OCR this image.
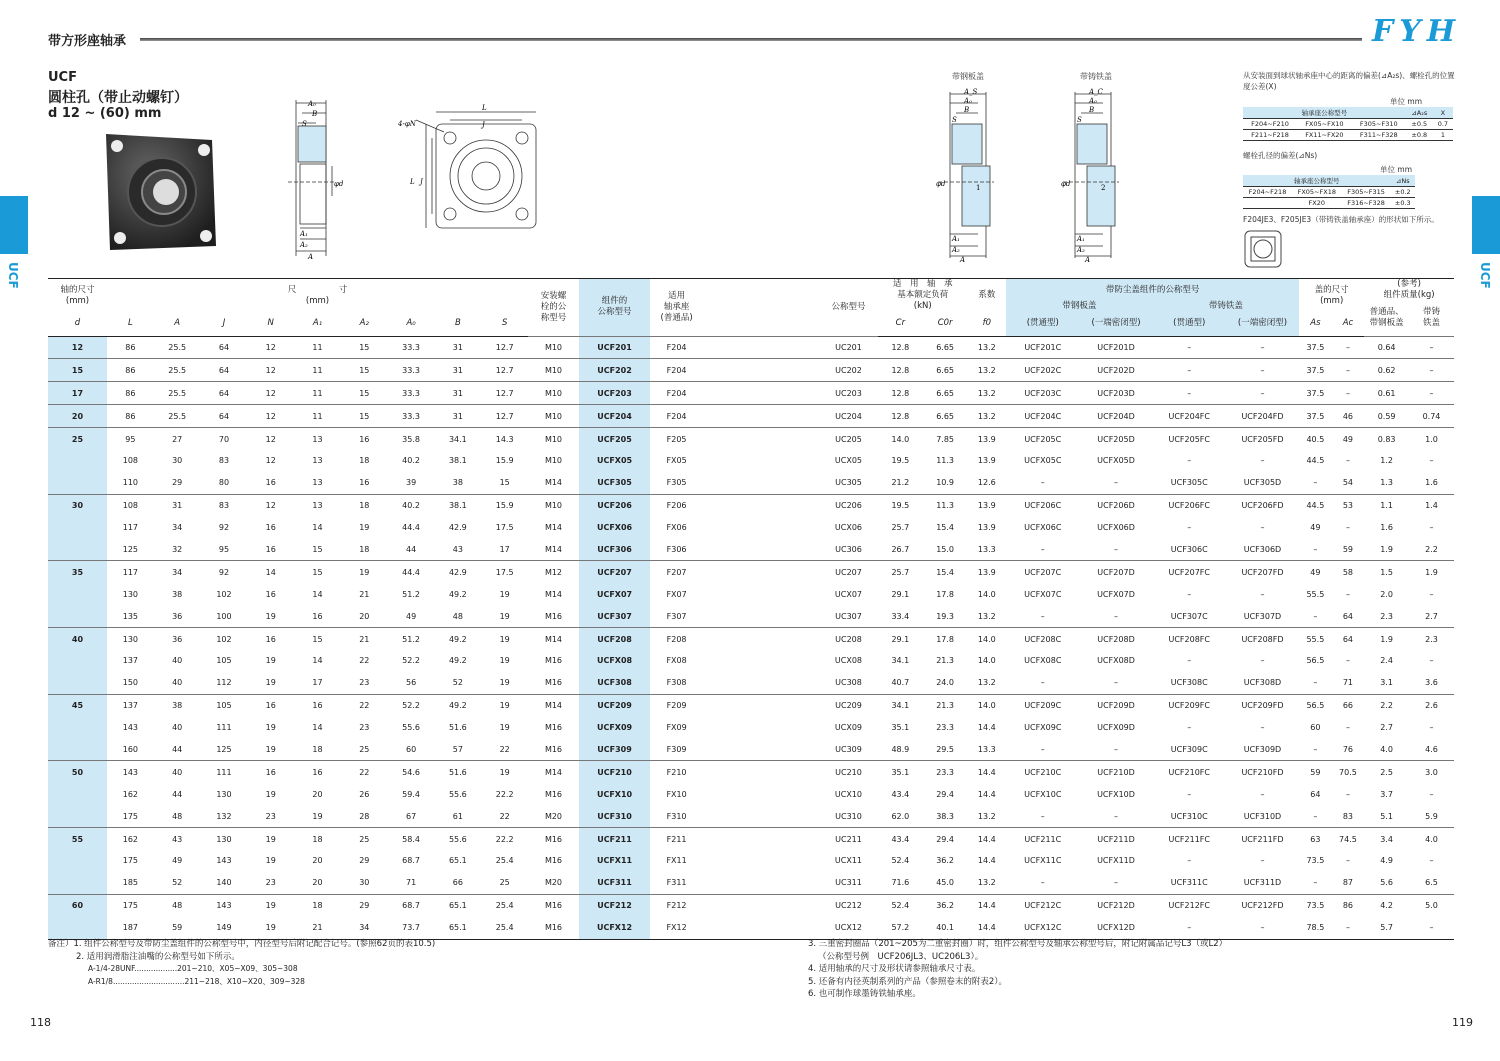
带方形座轴承	FYH
UCF	UCF
UCF
圆柱孔（带止动螺钉）
d 12 ~ (60) mm
A₀
B
S
φd
A₁
A₂
A
L
J
L J
4-φN
带钢板盖	带铸铁盖
A_S
A₀
B
S
φd	1
A₁
A₂
A
A_C
A₀
B
S
φd	2
A₁
A₂
A
从安装面到球状轴承座中心的距离的偏差(⊿A₂s)、螺栓孔的位置度公差(X)
单位 mm
轴承座公称型号			⊿A₂s	X
F204~F210	FX05~FX10	F305~F310	±0.5	0.7
F211~F218	FX11~FX20	F311~F328	±0.8	1
螺栓孔径的偏差(⊿Ns)
单位 mm
轴承座公称型号			⊿Ns
F204~F218	FX05~FX18	F305~F315	±0.2
	FX20	F316~F328	±0.3
F204JE3、F205JE3（带铸铁盖轴承座）的形状如下所示。
轴的尺寸
(mm)	尺　　　　　寸
(mm)									安装螺
栓的公
称型号	组件的
公称型号	适用
轴承座
(普通品)		公称型号	适　用　轴　承
基本额定负荷
(kN)		系数	带防尘盖组件的公称型号				盖的尺寸
(mm)		(参考)
组件质量(kg)	
																		带钢板盖		带铸铁盖				普通品、
带钢板盖	带铸
铁盖
d	L	A	J	N	A₁	A₂	A₀	B	S						Cr	C0r	f0	(贯通型)	(一端密闭型)	(贯通型)	(一端密闭型)	As	Ac		
12	86	25.5	64	12	11	15	33.3	31	12.7	M10	UCF201	F204		UC201	12.8	6.65	13.2	UCF201C	UCF201D	–	–	37.5	–	0.64	–
15	86	25.5	64	12	11	15	33.3	31	12.7	M10	UCF202	F204		UC202	12.8	6.65	13.2	UCF202C	UCF202D	–	–	37.5	–	0.62	–
17	86	25.5	64	12	11	15	33.3	31	12.7	M10	UCF203	F204		UC203	12.8	6.65	13.2	UCF203C	UCF203D	–	–	37.5	–	0.61	–
20	86	25.5	64	12	11	15	33.3	31	12.7	M10	UCF204	F204		UC204	12.8	6.65	13.2	UCF204C	UCF204D	UCF204FC	UCF204FD	37.5	46	0.59	0.74
25	95	27	70	12	13	16	35.8	34.1	14.3	M10	UCF205	F205		UC205	14.0	7.85	13.9	UCF205C	UCF205D	UCF205FC	UCF205FD	40.5	49	0.83	1.0
	108	30	83	12	13	18	40.2	38.1	15.9	M10	UCFX05	FX05		UCX05	19.5	11.3	13.9	UCFX05C	UCFX05D	–	–	44.5	–	1.2	–
	110	29	80	16	13	16	39	38	15	M14	UCF305	F305		UC305	21.2	10.9	12.6	–	–	UCF305C	UCF305D	–	54	1.3	1.6
30	108	31	83	12	13	18	40.2	38.1	15.9	M10	UCF206	F206		UC206	19.5	11.3	13.9	UCF206C	UCF206D	UCF206FC	UCF206FD	44.5	53	1.1	1.4
	117	34	92	16	14	19	44.4	42.9	17.5	M14	UCFX06	FX06		UCX06	25.7	15.4	13.9	UCFX06C	UCFX06D	–	–	49	–	1.6	–
	125	32	95	16	15	18	44	43	17	M14	UCF306	F306		UC306	26.7	15.0	13.3	–	–	UCF306C	UCF306D	–	59	1.9	2.2
35	117	34	92	14	15	19	44.4	42.9	17.5	M12	UCF207	F207		UC207	25.7	15.4	13.9	UCF207C	UCF207D	UCF207FC	UCF207FD	49	58	1.5	1.9
	130	38	102	16	14	21	51.2	49.2	19	M14	UCFX07	FX07		UCX07	29.1	17.8	14.0	UCFX07C	UCFX07D	–	–	55.5	–	2.0	–
	135	36	100	19	16	20	49	48	19	M16	UCF307	F307		UC307	33.4	19.3	13.2	–	–	UCF307C	UCF307D	–	64	2.3	2.7
40	130	36	102	16	15	21	51.2	49.2	19	M14	UCF208	F208		UC208	29.1	17.8	14.0	UCF208C	UCF208D	UCF208FC	UCF208FD	55.5	64	1.9	2.3
	137	40	105	19	14	22	52.2	49.2	19	M16	UCFX08	FX08		UCX08	34.1	21.3	14.0	UCFX08C	UCFX08D	–	–	56.5	–	2.4	–
	150	40	112	19	17	23	56	52	19	M16	UCF308	F308		UC308	40.7	24.0	13.2	–	–	UCF308C	UCF308D	–	71	3.1	3.6
45	137	38	105	16	16	22	52.2	49.2	19	M14	UCF209	F209		UC209	34.1	21.3	14.0	UCF209C	UCF209D	UCF209FC	UCF209FD	56.5	66	2.2	2.6
	143	40	111	19	14	23	55.6	51.6	19	M16	UCFX09	FX09		UCX09	35.1	23.3	14.4	UCFX09C	UCFX09D	–	–	60	–	2.7	–
	160	44	125	19	18	25	60	57	22	M16	UCF309	F309		UC309	48.9	29.5	13.3	–	–	UCF309C	UCF309D	–	76	4.0	4.6
50	143	40	111	16	16	22	54.6	51.6	19	M14	UCF210	F210		UC210	35.1	23.3	14.4	UCF210C	UCF210D	UCF210FC	UCF210FD	59	70.5	2.5	3.0
	162	44	130	19	20	26	59.4	55.6	22.2	M16	UCFX10	FX10		UCX10	43.4	29.4	14.4	UCFX10C	UCFX10D	–	–	64	–	3.7	–
	175	48	132	23	19	28	67	61	22	M20	UCF310	F310		UC310	62.0	38.3	13.2	–	–	UCF310C	UCF310D	–	83	5.1	5.9
55	162	43	130	19	18	25	58.4	55.6	22.2	M16	UCF211	F211		UC211	43.4	29.4	14.4	UCF211C	UCF211D	UCF211FC	UCF211FD	63	74.5	3.4	4.0
	175	49	143	19	20	29	68.7	65.1	25.4	M16	UCFX11	FX11		UCX11	52.4	36.2	14.4	UCFX11C	UCFX11D	–	–	73.5	–	4.9	–
	185	52	140	23	20	30	71	66	25	M20	UCF311	F311		UC311	71.6	45.0	13.2	–	–	UCF311C	UCF311D	–	87	5.6	6.5
60	175	48	143	19	18	29	68.7	65.1	25.4	M16	UCF212	F212		UC212	52.4	36.2	14.4	UCF212C	UCF212D	UCF212FC	UCF212FD	73.5	86	4.2	5.0
	187	59	149	19	21	34	73.7	65.1	25.4	M16	UCFX12	FX12		UCX12	57.2	40.1	14.4	UCFX12C	UCFX12D	–	–	78.5	–	5.7	–
备注）1. 组件公称型号及带防尘盖组件的公称型号中，内径型号后附记配合记号。(参照62页的表10.5)
2. 适用润滑脂注油嘴的公称型号如下所示。
A-1/4-28UNF..................201~210、X05~X09、305~308
A-R1/8..............................211~218、X10~X20、309~328
3. 三重密封圈品（201~205为二重密封圈）时，组件公称型号及轴承公称型号后，附记附属品记号L3（或L2）
（公称型号例　UCF206JL3、UC206L3）。
4. 适用轴承的尺寸及形状请参照轴承尺寸表。
5. 还备有内径英制系列的产品（参照卷末的附表2）。
6. 也可制作球墨铸铁轴承座。
118	119
